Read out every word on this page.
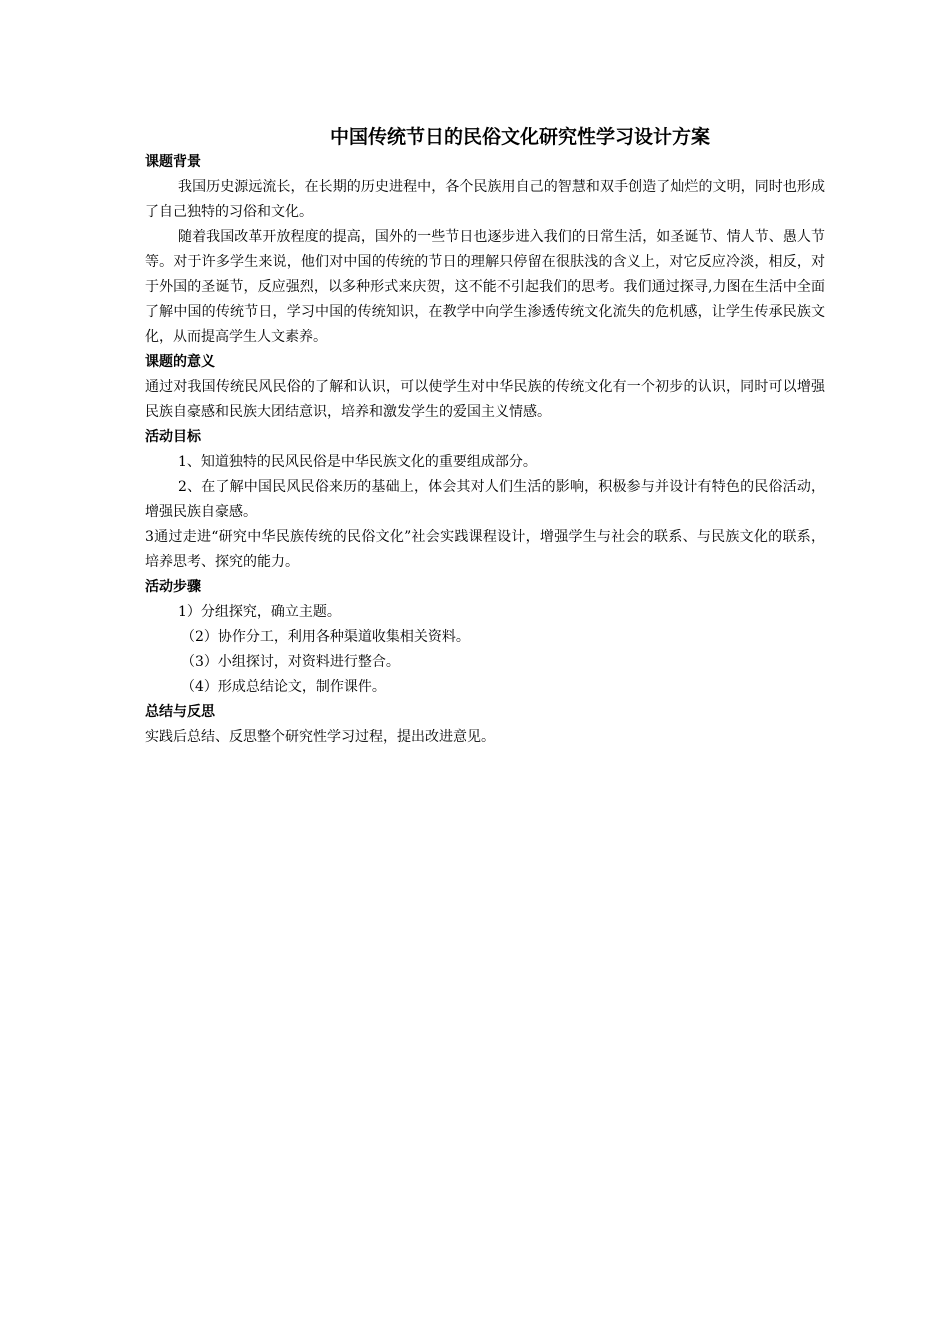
中国传统节日的民俗文化研究性学习设计方案
课题背景
我国历史源远流长，在长期的历史进程中，各个民族用自己的智慧和双手创造了灿烂的文明，同时也形成了自己独特的习俗和文化。
随着我国改革开放程度的提高，国外的一些节日也逐步进入我们的日常生活，如圣诞节、情人节、愚人节等。对于许多学生来说，他们对中国的传统的节日的理解只停留在很肤浅的含义上，对它反应冷淡，相反，对于外国的圣诞节，反应强烈，以多种形式来庆贺，这不能不引起我们的思考。我们通过探寻,力图在生活中全面了解中国的传统节日，学习中国的传统知识，在教学中向学生渗透传统文化流失的危机感，让学生传承民族文化，从而提高学生人文素养。
课题的意义
通过对我国传统民风民俗的了解和认识，可以使学生对中华民族的传统文化有一个初步的认识，同时可以增强民族自豪感和民族大团结意识，培养和激发学生的爱国主义情感。
活动目标
1、知道独特的民风民俗是中华民族文化的重要组成部分。
2、在了解中国民风民俗来历的基础上，体会其对人们生活的影响，积极参与并设计有特色的民俗活动，增强民族自豪感。
3通过走进“研究中华民族传统的民俗文化”社会实践课程设计，增强学生与社会的联系、与民族文化的联系，培养思考、探究的能力。
活动步骤
1）分组探究，确立主题。
（2）协作分工，利用各种渠道收集相关资料。
（3）小组探讨，对资料进行整合。
（4）形成总结论文，制作课件。
总结与反思
实践后总结、反思整个研究性学习过程，提出改进意见。
